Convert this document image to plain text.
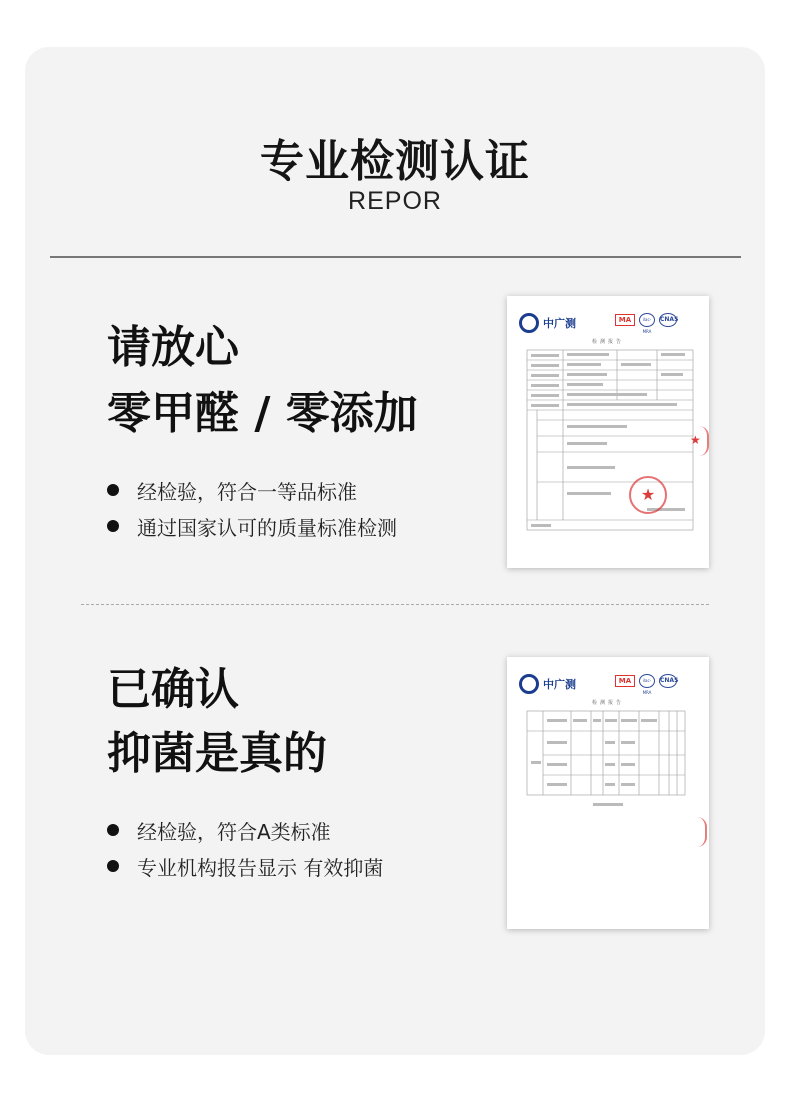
专业检测认证
REPOR
请放心
零甲醛 / 零添加
经检验，符合一等品标准
通过国家认可的质量标准检测
中广测	MA	ilac-MRA
CNAS
检测报告
★
★
已确认
抑菌是真的
经检验，符合A类标准
专业机构报告显示 有效抑菌
中广测	MA	ilac-MRA
CNAS
检测报告
